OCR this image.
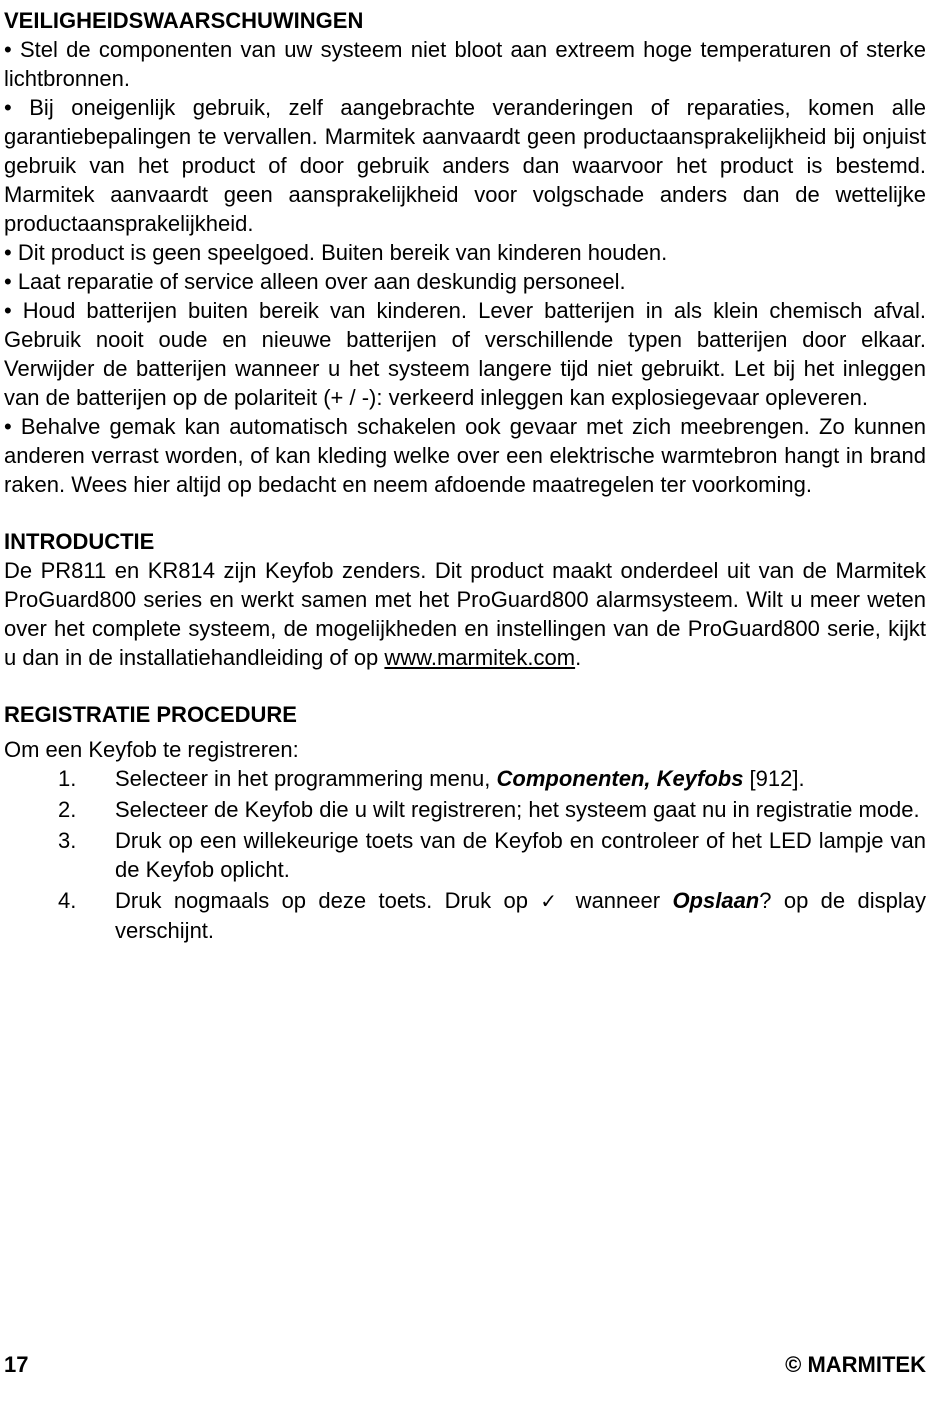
VEILIGHEIDSWAARSCHUWINGEN

• Stel de componenten van uw systeem niet bloot aan extreem hoge temperaturen of sterke lichtbronnen.

• Bij oneigenlijk gebruik, zelf aangebrachte veranderingen of reparaties, komen alle garantiebepalingen te vervallen. Marmitek aanvaardt geen productaansprakelijkheid bij onjuist gebruik van het product of door gebruik anders dan waarvoor het product is bestemd. Marmitek aanvaardt geen aansprakelijkheid voor volgschade anders dan de wettelijke productaansprakelijkheid.

• Dit product is geen speelgoed. Buiten bereik van kinderen houden.

• Laat reparatie of service alleen over aan deskundig personeel.

• Houd batterijen buiten bereik van kinderen. Lever batterijen in als klein chemisch afval. Gebruik nooit oude en nieuwe batterijen of verschillende typen batterijen door elkaar. Verwijder de batterijen wanneer u het systeem langere tijd niet gebruikt. Let bij het inleggen van de batterijen op de polariteit (+ / -): verkeerd inleggen kan explosiegevaar opleveren.

• Behalve gemak kan automatisch schakelen ook gevaar met zich meebrengen. Zo kunnen anderen verrast worden, of kan kleding welke over een elektrische warmtebron hangt in brand raken. Wees hier altijd op bedacht en neem afdoende maatregelen ter voorkoming.

INTRODUCTIE

De PR811 en KR814 zijn Keyfob zenders. Dit product maakt onderdeel uit van de Marmitek ProGuard800 series en werkt samen met het ProGuard800 alarmsysteem. Wilt u meer weten over het complete systeem, de mogelijkheden en instellingen van de ProGuard800 serie, kijkt u dan in de installatiehandleiding of op www.marmitek.com.

REGISTRATIE PROCEDURE

Om een Keyfob te registreren:

1.	Selecteer in het programmering menu, Componenten, Keyfobs [912].
2.	Selecteer de Keyfob die u wilt registreren; het systeem gaat nu in registratie mode.
3.	Druk op een willekeurige toets van de Keyfob en controleer of het LED lampje van de Keyfob oplicht.
4.	Druk nogmaals op deze toets. Druk op ✓ wanneer Opslaan? op de display verschijnt.
17	© MARMITEK
